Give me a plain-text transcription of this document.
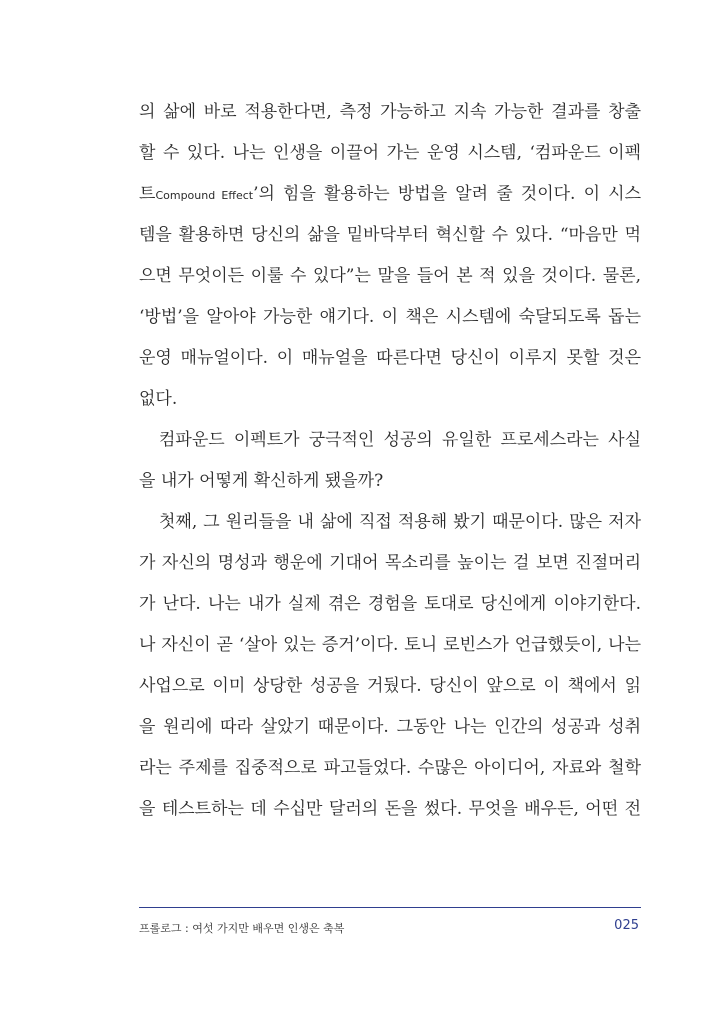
의 삶에 바로 적용한다면, 측정 가능하고 지속 가능한 결과를 창출
할 수 있다. 나는 인생을 이끌어 가는 운영 시스템, ‘컴파운드 이펙
트Compound Effect’의 힘을 활용하는 방법을 알려 줄 것이다. 이 시스
템을 활용하면 당신의 삶을 밑바닥부터 혁신할 수 있다. “마음만 먹
으면 무엇이든 이룰 수 있다”는 말을 들어 본 적 있을 것이다. 물론,
‘방법’을 알아야 가능한 얘기다. 이 책은 시스템에 숙달되도록 돕는
운영 매뉴얼이다. 이 매뉴얼을 따른다면 당신이 이루지 못할 것은
없다.
컴파운드 이펙트가 궁극적인 성공의 유일한 프로세스라는 사실
을 내가 어떻게 확신하게 됐을까?
첫째, 그 원리들을 내 삶에 직접 적용해 봤기 때문이다. 많은 저자
가 자신의 명성과 행운에 기대어 목소리를 높이는 걸 보면 진절머리
가 난다. 나는 내가 실제 겪은 경험을 토대로 당신에게 이야기한다.
나 자신이 곧 ‘살아 있는 증거’이다. 토니 로빈스가 언급했듯이, 나는
사업으로 이미 상당한 성공을 거뒀다. 당신이 앞으로 이 책에서 읽
을 원리에 따라 살았기 때문이다. 그동안 나는 인간의 성공과 성취
라는 주제를 집중적으로 파고들었다. 수많은 아이디어, 자료와 철학
을 테스트하는 데 수십만 달러의 돈을 썼다. 무엇을 배우든, 어떤 전
프롤로그 : 여섯 가지만 배우면 인생은 축복	025
